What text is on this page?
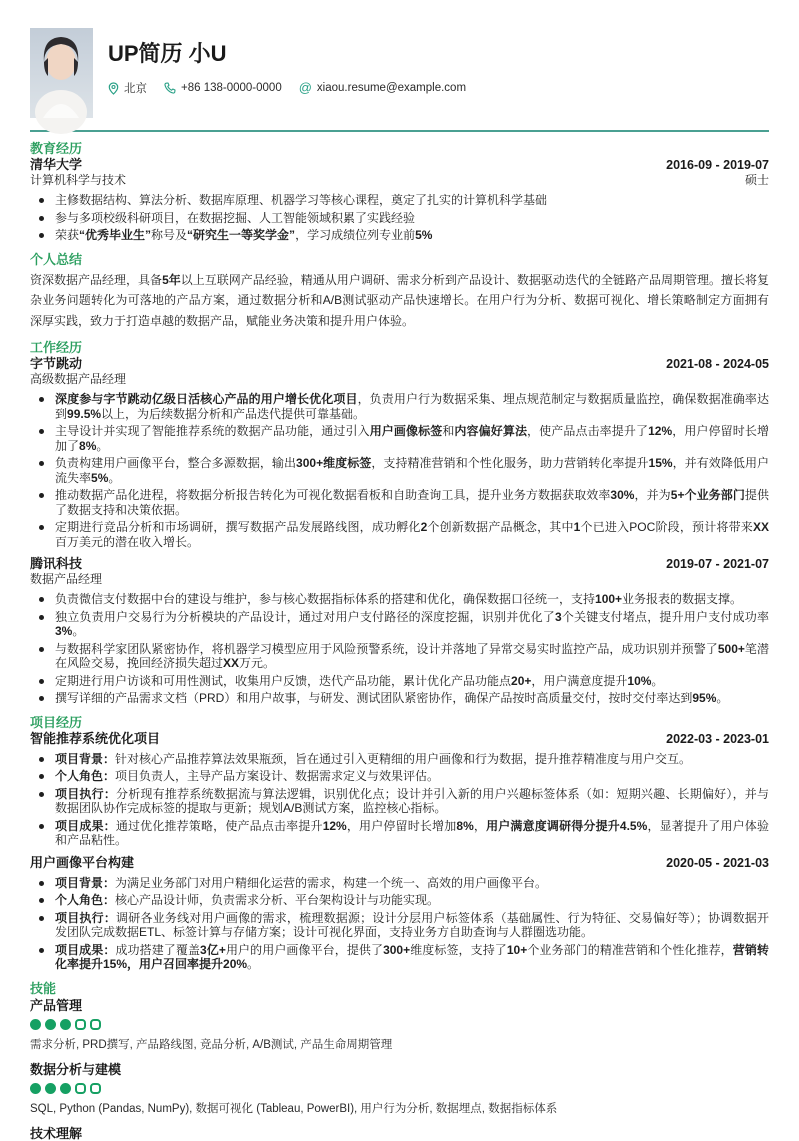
UP简历 小U
北京	+86 138-0000-0000 @ xiaou.resume@example.com
教育经历
清华大学	2016-09 - 2019-07
计算机科学与技术	硕士
主修数据结构、算法分析、数据库原理、机器学习等核心课程，奠定了扎实的计算机科学基础
参与多项校级科研项目，在数据挖掘、人工智能领域积累了实践经验
荣获“优秀毕业生”称号及“研究生一等奖学金”，学习成绩位列专业前5%
个人总结

资深数据产品经理，具备5年以上互联网产品经验，精通从用户调研、需求分析到产品设计、数据驱动迭代的全链路产品周期管理。擅长将复杂业务问题转化为可落地的产品方案，通过数据分析和A/B测试驱动产品快速增长。在用户行为分析、数据可视化、增长策略制定方面拥有深厚实践，致力于打造卓越的数据产品，赋能业务决策和提升用户体验。

工作经历
字节跳动	2021-08 - 2024-05
高级数据产品经理
深度参与字节跳动亿级日活核心产品的用户增长优化项目，负责用户行为数据采集、埋点规范制定与数据质量监控，确保数据准确率达到99.5%以上，为后续数据分析和产品迭代提供可靠基础。
主导设计并实现了智能推荐系统的数据产品功能，通过引入用户画像标签和内容偏好算法，使产品点击率提升了12%，用户停留时长增加了8%。
负责构建用户画像平台，整合多源数据，输出300+维度标签，支持精准营销和个性化服务，助力营销转化率提升15%，并有效降低用户流失率5%。
推动数据产品化进程，将数据分析报告转化为可视化数据看板和自助查询工具，提升业务方数据获取效率30%，并为5+个业务部门提供了数据支持和决策依据。
定期进行竞品分析和市场调研，撰写数据产品发展路线图，成功孵化2个创新数据产品概念，其中1个已进入POC阶段，预计将带来XX百万美元的潜在收入增长。
腾讯科技	2019-07 - 2021-07
数据产品经理
负责微信支付数据中台的建设与维护，参与核心数据指标体系的搭建和优化，确保数据口径统一，支持100+业务报表的数据支撑。
独立负责用户交易行为分析模块的产品设计，通过对用户支付路径的深度挖掘，识别并优化了3个关键支付堵点，提升用户支付成功率3%。
与数据科学家团队紧密协作，将机器学习模型应用于风险预警系统，设计并落地了异常交易实时监控产品，成功识别并预警了500+笔潜在风险交易，挽回经济损失超过XX万元。
定期进行用户访谈和可用性测试，收集用户反馈，迭代产品功能，累计优化产品功能点20+，用户满意度提升10%。
撰写详细的产品需求文档（PRD）和用户故事，与研发、测试团队紧密协作，确保产品按时高质量交付，按时交付率达到95%。
项目经历
智能推荐系统优化项目	2022-03 - 2023-01
项目背景：针对核心产品推荐算法效果瓶颈，旨在通过引入更精细的用户画像和行为数据，提升推荐精准度与用户交互。
个人角色：项目负责人，主导产品方案设计、数据需求定义与效果评估。
项目执行：分析现有推荐系统数据流与算法逻辑，识别优化点；设计并引入新的用户兴趣标签体系（如：短期兴趣、长期偏好），并与数据团队协作完成标签的提取与更新；规划A/B测试方案，监控核心指标。
项目成果：通过优化推荐策略，使产品点击率提升12%，用户停留时长增加8%，用户满意度调研得分提升4.5%，显著提升了用户体验和产品粘性。
用户画像平台构建	2020-05 - 2021-03
项目背景：为满足业务部门对用户精细化运营的需求，构建一个统一、高效的用户画像平台。
个人角色：核心产品设计师，负责需求分析、平台架构设计与功能实现。
项目执行：调研各业务线对用户画像的需求，梳理数据源；设计分层用户标签体系（基础属性、行为特征、交易偏好等）；协调数据开发团队完成数据ETL、标签计算与存储方案；设计可视化界面，支持业务方自助查询与人群圈选功能。
项目成果：成功搭建了覆盖3亿+用户的用户画像平台，提供了300+维度标签，支持了10+个业务部门的精准营销和个性化推荐，营销转化率提升15%，用户召回率提升20%。
技能
产品管理

需求分析, PRD撰写, 产品路线图, 竞品分析, A/B测试, 产品生命周期管理

数据分析与建模

SQL, Python (Pandas, NumPy), 数据可视化 (Tableau, PowerBI), 用户行为分析, 数据埋点, 数据指标体系

技术理解
